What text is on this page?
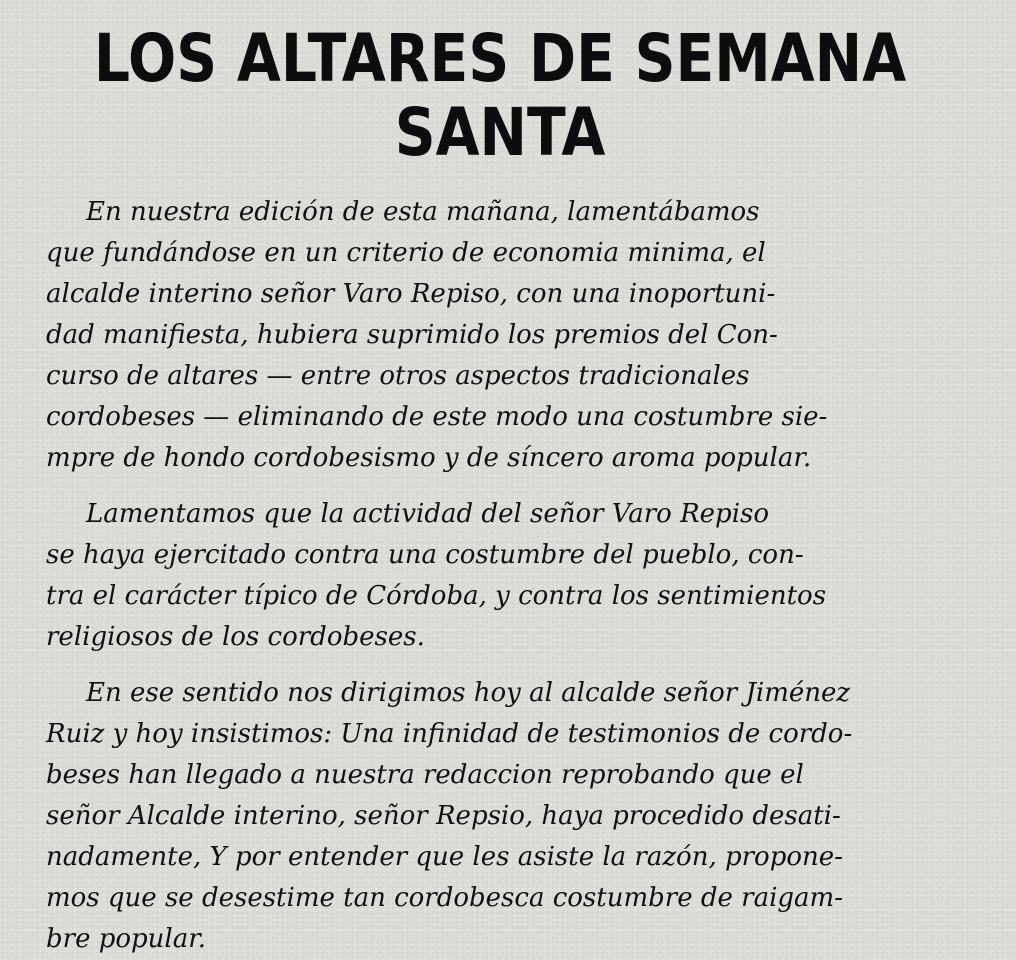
LOS ALTARES DE SEMANA
SANTA

En nuestra edición de esta mañana, lamentábamos
que fundándose en un criterio de economia minima, el
alcalde interino señor Varo Repiso, con una inoportuni-
dad manifiesta, hubiera suprimido los premios del Con-
curso de altares — entre otros aspectos tradicionales
cordobeses — eliminando de este modo una costumbre sie-
mpre de hondo cordobesismo y de síncero aroma popular.

Lamentamos que la actividad del señor Varo Repiso
se haya ejercitado contra una costumbre del pueblo, con-
tra el carácter típico de Córdoba, y contra los sentimientos
religiosos de los cordobeses.

En ese sentido nos dirigimos hoy al alcalde señor Jiménez
Ruiz y hoy insistimos: Una infinidad de testimonios de cordo-
beses han llegado a nuestra redaccion reprobando que el
señor Alcalde interino, señor Repsio, haya procedido desati-
nadamente, Y por entender que les asiste la razón, propone-
mos que se desestime tan cordobesca costumbre de raigam-
bre popular.
